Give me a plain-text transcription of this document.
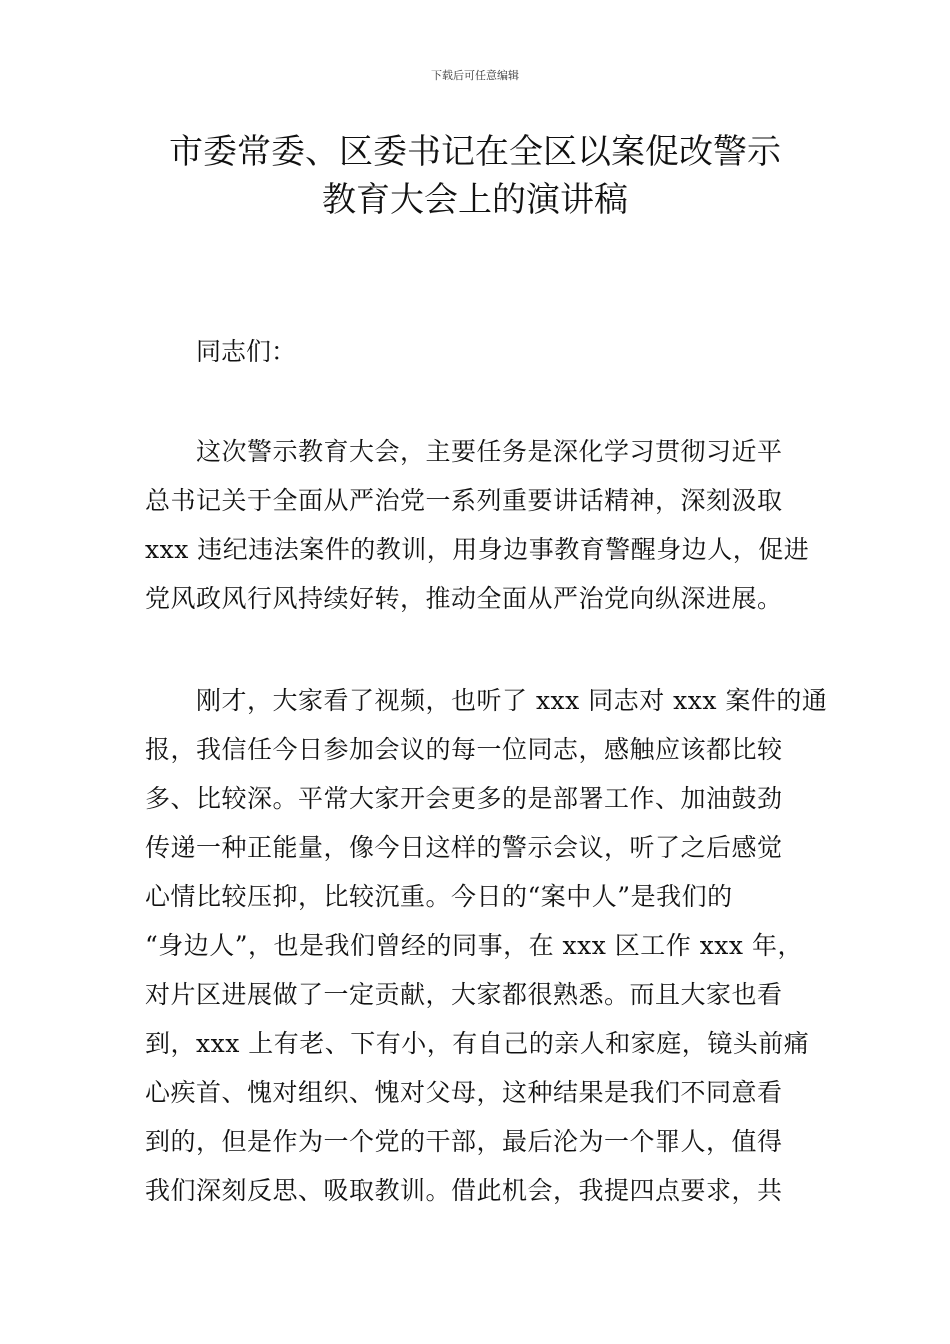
下载后可任意编辑
市委常委、区委书记在全区以案促改警示
教育大会上的演讲稿
同志们：
这次警示教育大会，主要任务是深化学习贯彻习近平
总书记关于全面从严治党一系列重要讲话精神，深刻汲取
xxx 违纪违法案件的教训，用身边事教育警醒身边人，促进
党风政风行风持续好转，推动全面从严治党向纵深进展。
刚才，大家看了视频，也听了 xxx 同志对 xxx 案件的通
报，我信任今日参加会议的每一位同志，感触应该都比较
多、比较深。平常大家开会更多的是部署工作、加油鼓劲
传递一种正能量，像今日这样的警示会议，听了之后感觉
心情比较压抑，比较沉重。今日的“案中人”是我们的
“身边人”，也是我们曾经的同事，在 xxx 区工作 xxx 年，
对片区进展做了一定贡献，大家都很熟悉。而且大家也看
到，xxx 上有老、下有小，有自己的亲人和家庭，镜头前痛
心疾首、愧对组织、愧对父母，这种结果是我们不同意看
到的，但是作为一个党的干部，最后沦为一个罪人，值得
我们深刻反思、吸取教训。借此机会，我提四点要求，共
